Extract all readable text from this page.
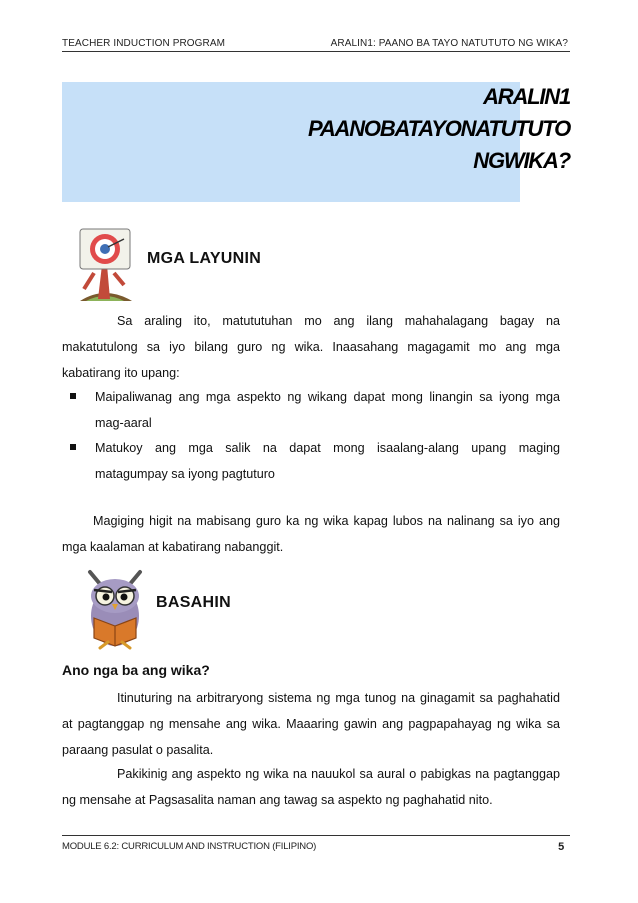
TEACHER INDUCTION PROGRAM	ARALIN1: PAANO BA TAYO NATUTUTO NG WIKA?
ARALIN1
PAANOBATAYONATUTUTO
NGWIKA?
MGA LAYUNIN
Sa araling ito, matututuhan mo ang ilang mahahalagang bagay na
makatutulong sa iyo bilang guro ng wika. Inaasahang magagamit mo ang mga
kabatirang ito upang:
Maipaliwanag ang mga aspekto ng wikang dapat mong linangin sa iyong mga
mag-aaral
Matukoy ang mga salik na dapat mong isaalang-alang upang maging
matagumpay sa iyong pagtuturo
Magiging higit na mabisang guro ka ng wika kapag lubos na nalinang sa iyo ang
mga kaalaman at kabatirang nabanggit.
BASAHIN
Ano nga ba ang wika?
Itinuturing na arbitraryong sistema ng mga tunog na ginagamit sa paghahatid
at pagtanggap ng mensahe ang wika. Maaaring gawin ang pagpapahayag ng wika sa
paraang pasulat o pasalita.
Pakikinig ang aspekto ng wika na nauukol sa aural o pabigkas na pagtanggap
ng mensahe at Pagsasalita naman ang tawag sa aspekto ng paghahatid nito.
MODULE 6.2: CURRICULUM AND INSTRUCTION (FILIPINO)	5
